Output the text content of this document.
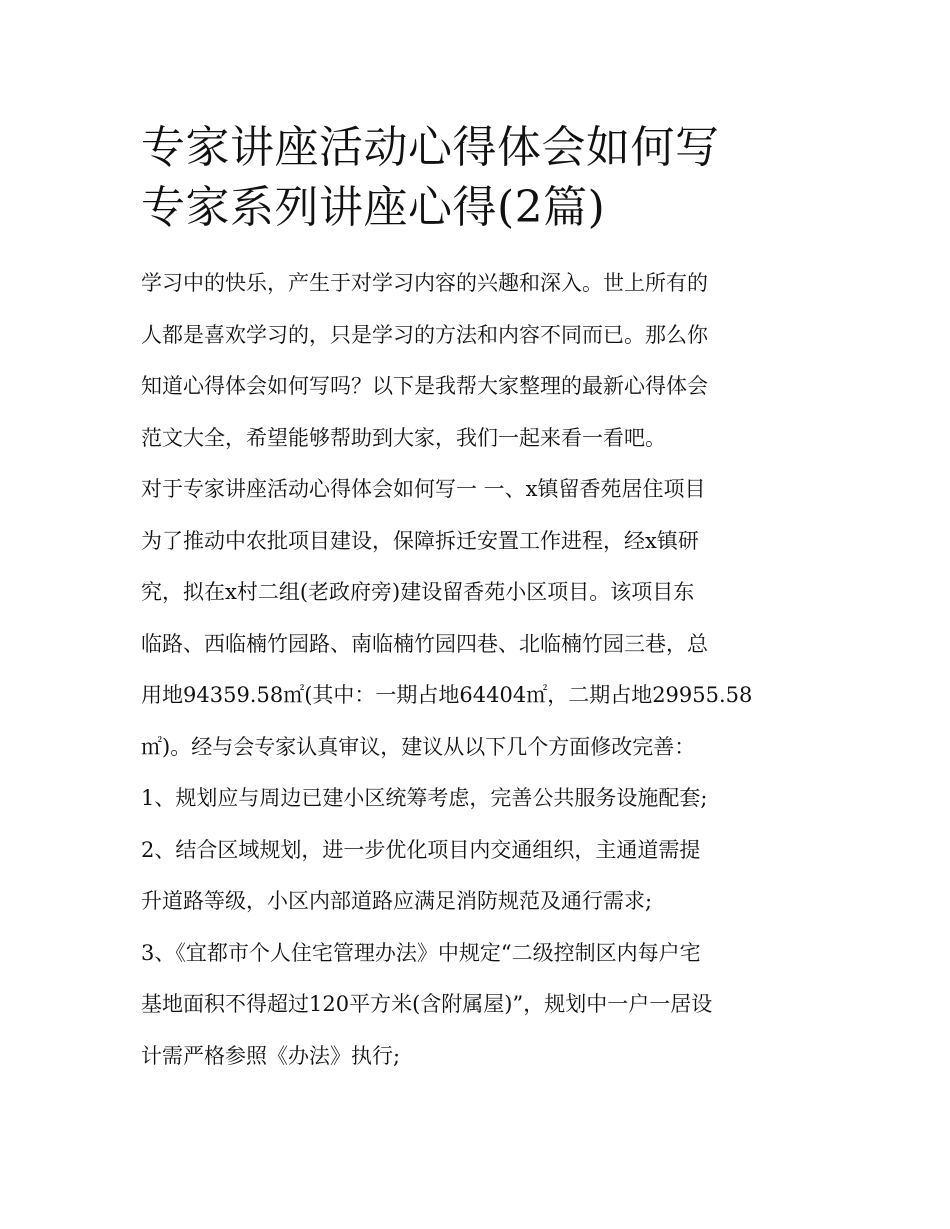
专家讲座活动心得体会如何写
专家系列讲座心得(2篇)

学习中的快乐，产生于对学习内容的兴趣和深入。世上所有的
人都是喜欢学习的，只是学习的方法和内容不同而已。那么你
知道心得体会如何写吗？以下是我帮大家整理的最新心得体会
范文大全，希望能够帮助到大家，我们一起来看一看吧。

对于专家讲座活动心得体会如何写一 一、x镇留香苑居住项目
为了推动中农批项目建设，保障拆迁安置工作进程，经x镇研
究，拟在x村二组(老政府旁)建设留香苑小区项目。该项目东
临路、西临楠竹园路、南临楠竹园四巷、北临楠竹园三巷，总
用地94359.58㎡(其中：一期占地64404㎡，二期占地29955.58
㎡)。经与会专家认真审议，建议从以下几个方面修改完善：

1、规划应与周边已建小区统筹考虑，完善公共服务设施配套;

2、结合区域规划，进一步优化项目内交通组织，主通道需提
升道路等级，小区内部道路应满足消防规范及通行需求;

3、《宜都市个人住宅管理办法》中规定“二级控制区内每户宅
基地面积不得超过120平方米(含附属屋)”，规划中一户一居设
计需严格参照《办法》执行;
